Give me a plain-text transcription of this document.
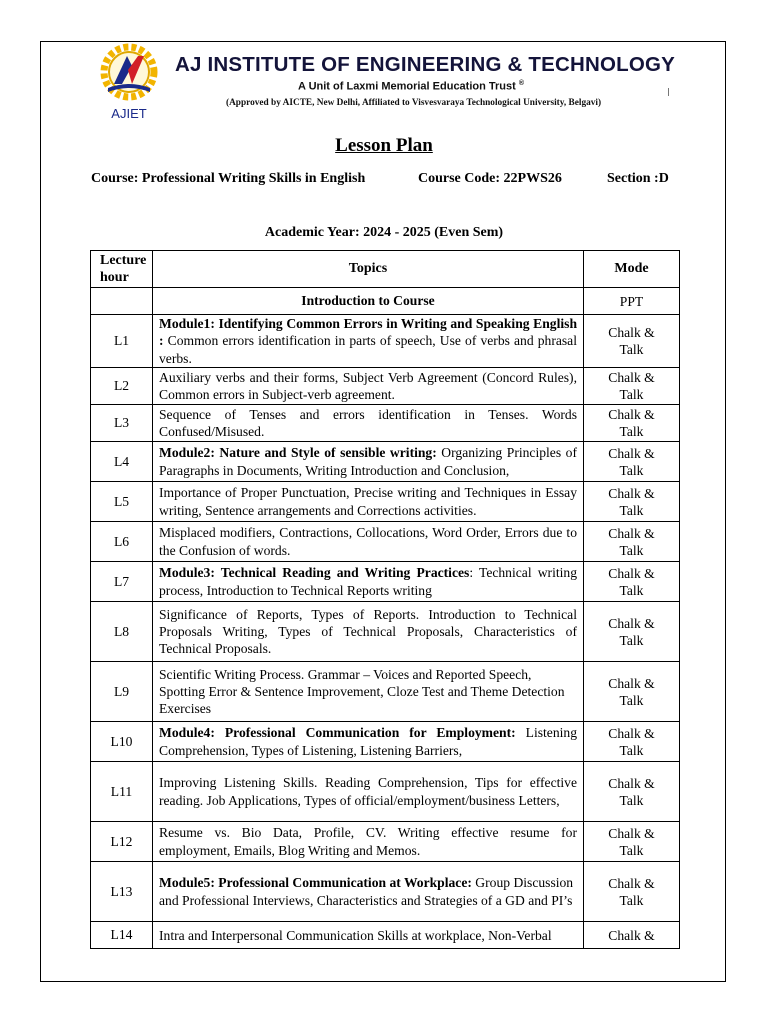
AJIET
AJ INSTITUTE OF ENGINEERING & TECHNOLOGY
A Unit of Laxmi Memorial Education Trust ®
(Approved by AICTE, New Delhi, Affiliated to Visvesvaraya Technological University, Belgavi)
Lesson Plan
Course: Professional Writing Skills in English	Course Code: 22PWS26	Section :D
Academic Year: 2024 - 2025 (Even Sem)
Lecture hour	Topics	Mode
	Introduction to Course	PPT
L1	Module1: Identifying Common Errors in Writing and Speaking English : Common errors identification in parts of speech, Use of verbs and phrasal verbs.	Chalk & Talk

L2	Auxiliary verbs and their forms, Subject Verb Agreement (Concord Rules), Common errors in Subject-verb agreement.	Chalk & Talk

L3	Sequence of Tenses and errors identification in Tenses. Words Confused/Misused.	Chalk & Talk

L4	Module2: Nature and Style of sensible writing: Organizing Principles of Paragraphs in Documents, Writing Introduction and Conclusion,	Chalk & Talk

L5	Importance of Proper Punctuation, Precise writing and Techniques in Essay writing, Sentence arrangements and Corrections activities.	Chalk & Talk

L6	Misplaced modifiers, Contractions, Collocations, Word Order, Errors due to the Confusion of words.	Chalk & Talk

L7	Module3: Technical Reading and Writing Practices: Technical writing process, Introduction to Technical Reports writing	Chalk & Talk

L8	Significance of Reports, Types of Reports. Introduction to Technical Proposals Writing, Types of Technical Proposals, Characteristics of Technical Proposals.	Chalk & Talk

L9	Scientific Writing Process. Grammar – Voices and Reported Speech, Spotting Error & Sentence Improvement, Cloze Test and Theme Detection Exercises	Chalk & Talk

L10	Module4: Professional Communication for Employment: Listening Comprehension, Types of Listening, Listening Barriers,	Chalk & Talk

L11	Improving Listening Skills. Reading Comprehension, Tips for effective reading. Job Applications, Types of official/employment/business Letters,	Chalk & Talk

L12	Resume vs. Bio Data, Profile, CV. Writing effective resume for employment, Emails, Blog Writing and Memos.	Chalk & Talk

L13	Module5: Professional Communication at Workplace: Group Discussion and Professional Interviews, Characteristics and Strategies of a GD and PI’s	Chalk & Talk

L14	Intra and Interpersonal Communication Skills at workplace, Non-Verbal	Chalk &
